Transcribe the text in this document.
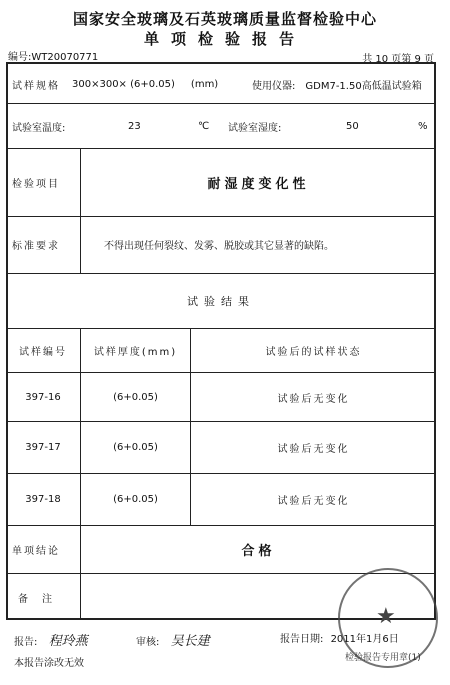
国家安全玻璃及石英玻璃质量监督检验中心
单项检验报告
编号:WT20070771	共 10 页第 9 页
试样规格 300×300× (6+0.05) (mm)	使用仪器: GDM7-1.50高低温试验箱
试验室温度:	23	℃ 试验室湿度:	50	%
检验项目	耐湿度变化性
标准要求	不得出现任何裂纹、发雾、脱胶或其它显著的缺陷。
试验结果
试样编号	试样厚度(mm)	试验后的试样状态
397-16	(6+0.05)	试验后无变化
397-17	(6+0.05)	试验后无变化
397-18	(6+0.05)	试验后无变化
单项结论	合格
备注
报告: 程玲燕	审核: 吴长建	报告日期: 2011年1月6日
本报告涂改无效
★
检验报告专用章(1)
